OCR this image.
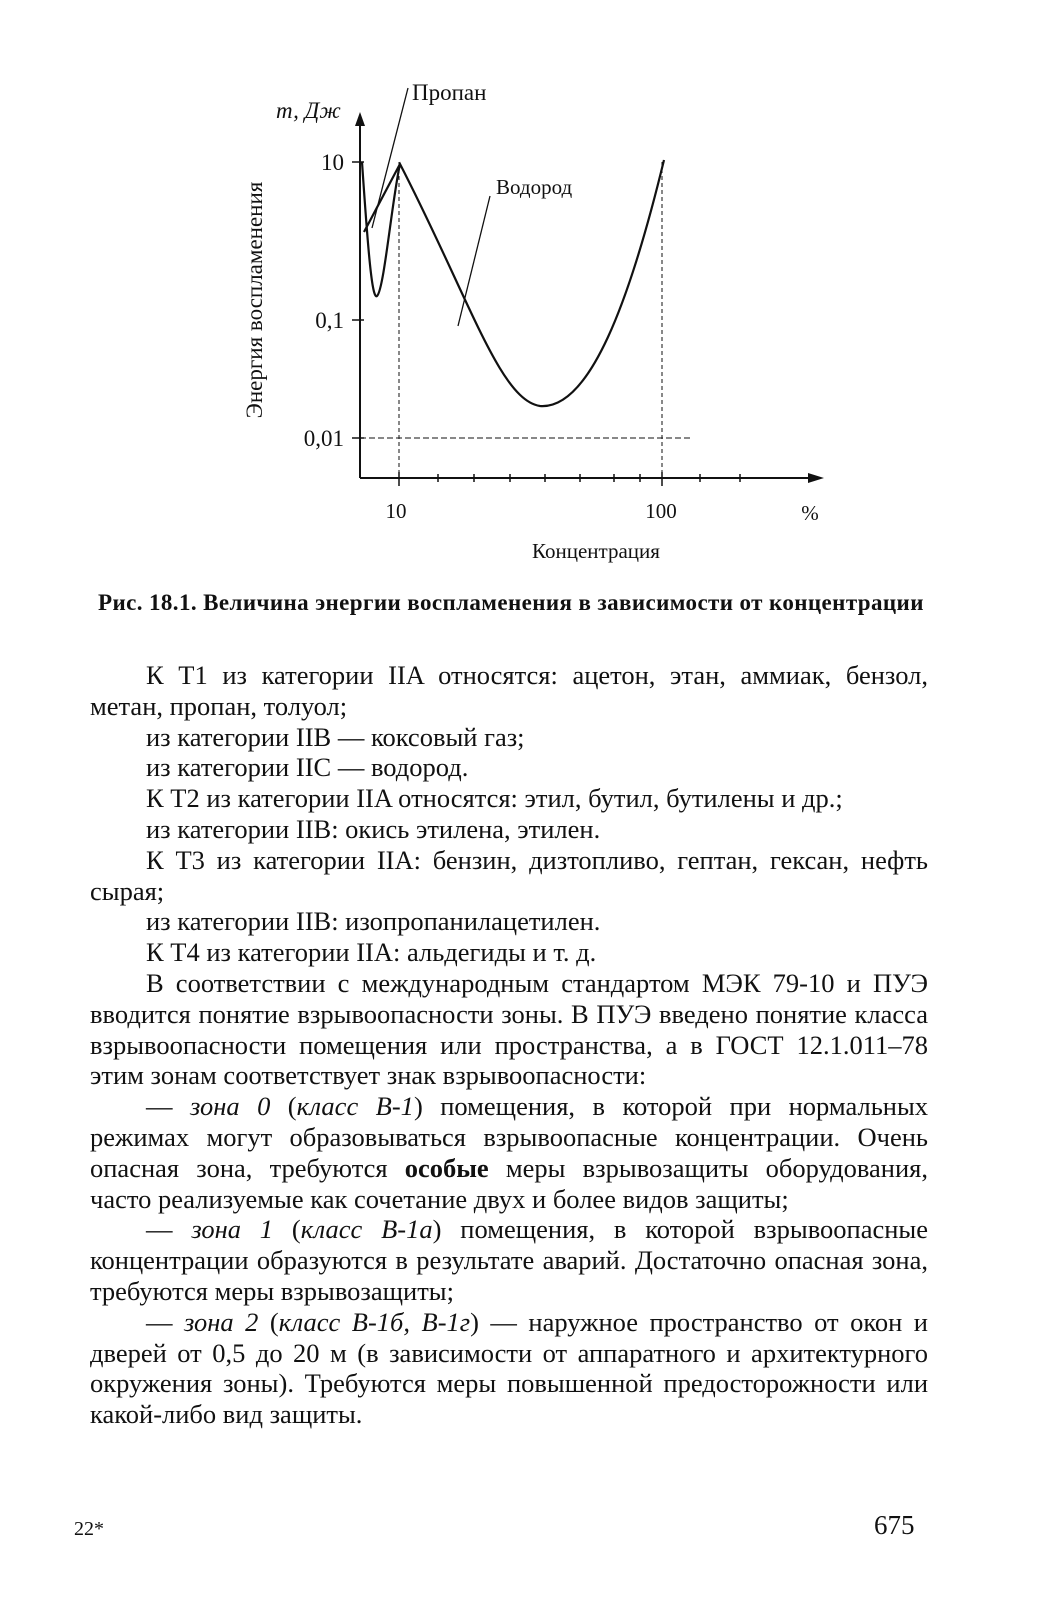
Энергия воспламенения
т, Дж
10
0,1
0,01
10	100	%
Концентрация
Пропан
Водород
Рис. 18.1. Величина энергии воспламенения в зависимости от концентрации

К Т1 из категории IIA относятся: ацетон, этан, аммиак, бензол, метан, пропан, толуол;

из категории IIB — коксовый газ;

из категории IIC — водород.

К Т2 из категории IIA относятся: этил, бутил, бутилены и др.;

из категории IIB: окись этилена, этилен.

К Т3 из категории IIA: бензин, дизтопливо, гептан, гексан, нефть сырая;

из категории IIB: изопропанилацетилен.

К Т4 из категории IIA: альдегиды и т. д.

В соответствии с международным стандартом МЭК 79-10 и ПУЭ вводится понятие взрывоопасности зоны. В ПУЭ введено понятие класса взрывоопасности помещения или пространства, а в ГОСТ 12.1.011–78 этим зонам соответствует знак взрывоопасности:

— зона 0 (класс В-1) помещения, в которой при нормальных режимах могут образовываться взрывоопасные концентрации. Очень опасная зона, требуются особые меры взрывозащиты оборудования, часто реализуемые как сочетание двух и более видов защиты;

— зона 1 (класс В-1а) помещения, в которой взрывоопасные концентрации образуются в результате аварий. Достаточно опасная зона, требуются меры взрывозащиты;

— зона 2 (класс В-1б, В-1г) — наружное пространство от окон и дверей от 0,5 до 20 м (в зависимости от аппаратного и архитектурного окружения зоны). Требуются меры повышенной предосторожности или какой-либо вид защиты.

22*	675
